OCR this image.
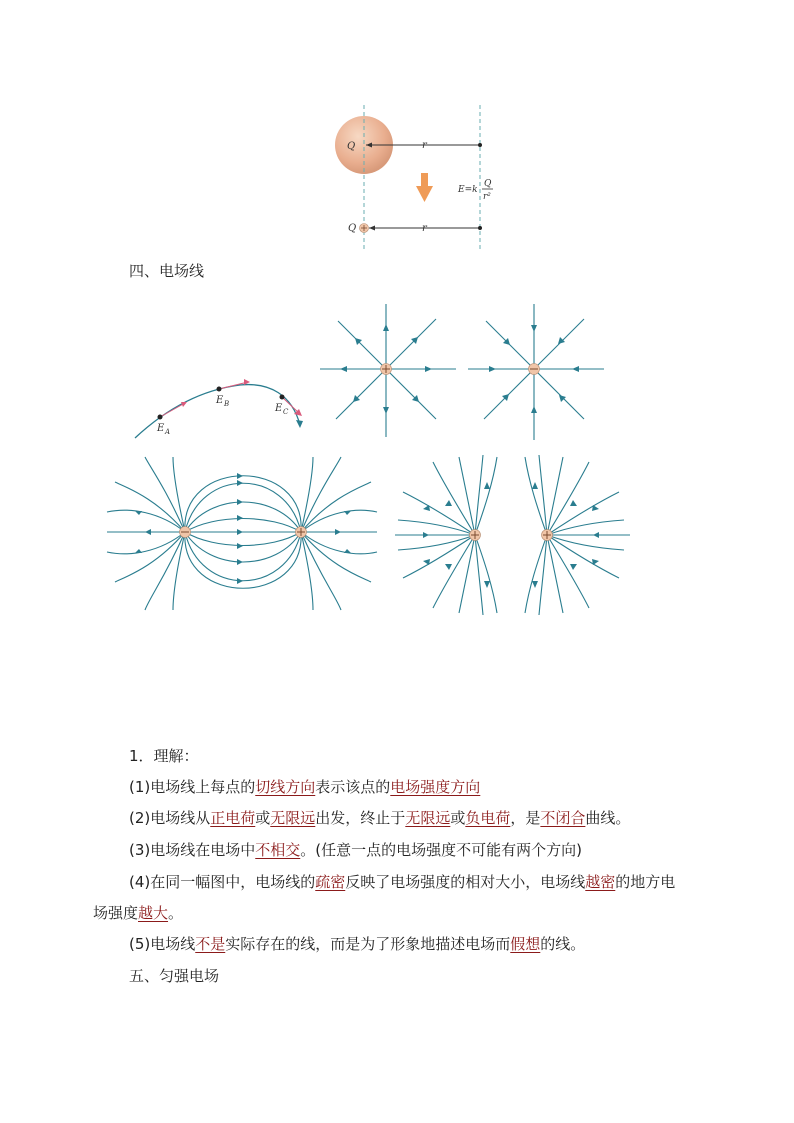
Q	r
E=k
Q
r²
Q	r
四、电场线
E A
E B	E C
1．理解：
(1)电场线上每点的切线方向表示该点的电场强度方向
(2)电场线从正电荷或无限远出发，终止于无限远或负电荷，是不闭合曲线。
(3)电场线在电场中不相交。(任意一点的电场强度不可能有两个方向)
(4)在同一幅图中，电场线的疏密反映了电场强度的相对大小，电场线越密的地方电
场强度越大。
(5)电场线不是实际存在的线，而是为了形象地描述电场而假想的线。
五、匀强电场
